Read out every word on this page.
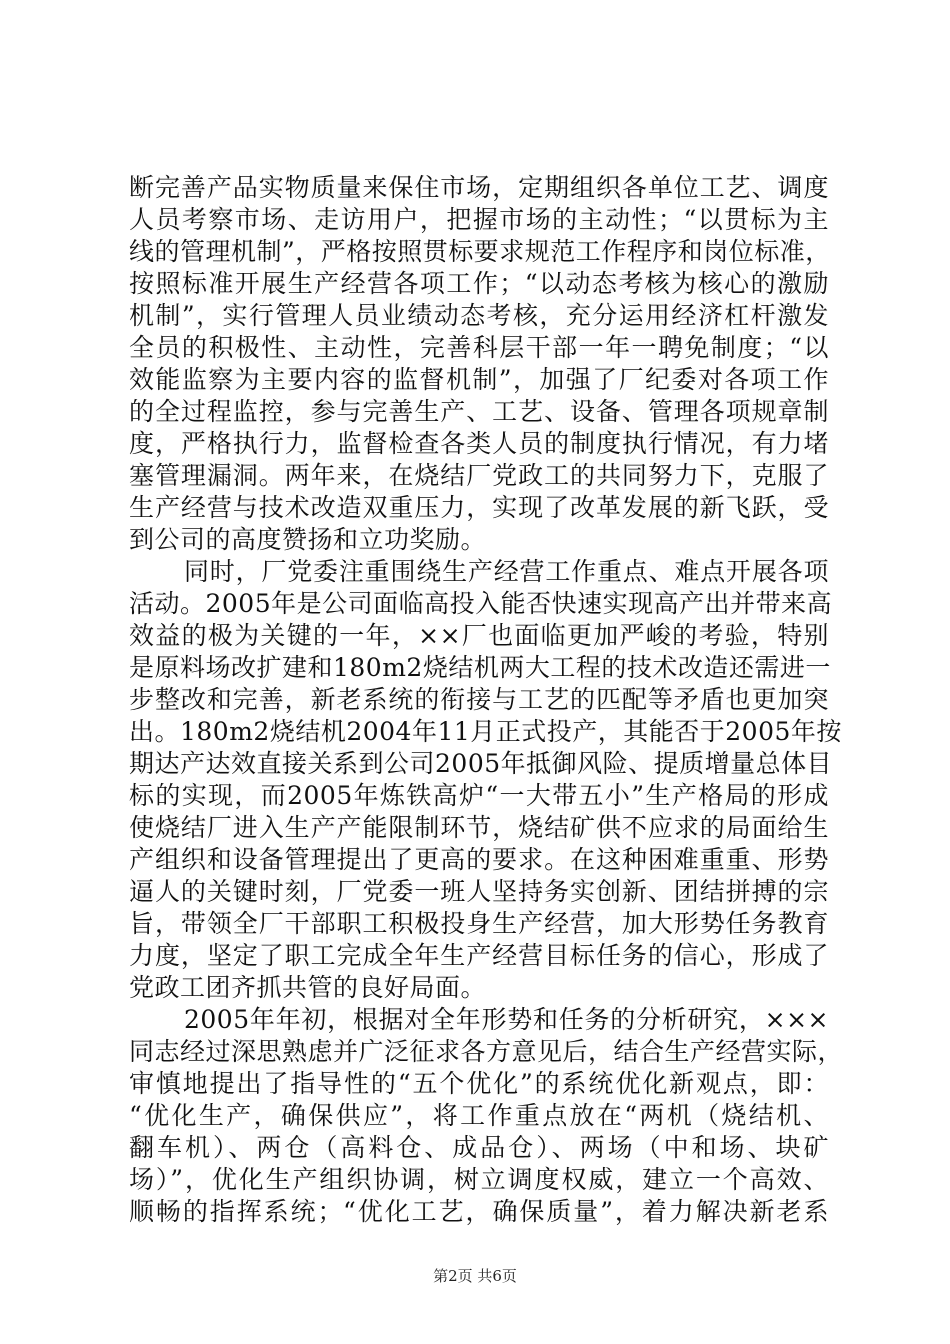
断完善产品实物质量来保住市场，定期组织各单位工艺、调度
人员考察市场、走访用户，把握市场的主动性；“以贯标为主
线的管理机制”，严格按照贯标要求规范工作程序和岗位标准，
按照标准开展生产经营各项工作；“以动态考核为核心的激励
机制”，实行管理人员业绩动态考核，充分运用经济杠杆激发
全员的积极性、主动性，完善科层干部一年一聘免制度；“以
效能监察为主要内容的监督机制”，加强了厂纪委对各项工作
的全过程监控，参与完善生产、工艺、设备、管理各项规章制
度，严格执行力，监督检查各类人员的制度执行情况，有力堵
塞管理漏洞。两年来，在烧结厂党政工的共同努力下，克服了
生产经营与技术改造双重压力，实现了改革发展的新飞跃，受
到公司的高度赞扬和立功奖励。
同时，厂党委注重围绕生产经营工作重点、难点开展各项
活动。2005年是公司面临高投入能否快速实现高产出并带来高
效益的极为关键的一年，××厂也面临更加严峻的考验，特别
是原料场改扩建和180m2烧结机两大工程的技术改造还需进一
步整改和完善，新老系统的衔接与工艺的匹配等矛盾也更加突
出。180m2烧结机2004年11月正式投产，其能否于2005年按
期达产达效直接关系到公司2005年抵御风险、提质增量总体目
标的实现，而2005年炼铁高炉“一大带五小”生产格局的形成
使烧结厂进入生产产能限制环节，烧结矿供不应求的局面给生
产组织和设备管理提出了更高的要求。在这种困难重重、形势
逼人的关键时刻，厂党委一班人坚持务实创新、团结拼搏的宗
旨，带领全厂干部职工积极投身生产经营，加大形势任务教育
力度，坚定了职工完成全年生产经营目标任务的信心，形成了
党政工团齐抓共管的良好局面。
2005年年初，根据对全年形势和任务的分析研究，×××
同志经过深思熟虑并广泛征求各方意见后，结合生产经营实际，
审慎地提出了指导性的“五个优化”的系统优化新观点，即：
“优化生产，确保供应”，将工作重点放在“两机（烧结机、
翻车机）、两仓（高料仓、成品仓）、两场（中和场、块矿
场）”，优化生产组织协调，树立调度权威，建立一个高效、
顺畅的指挥系统；“优化工艺，确保质量”，着力解决新老系
第2页 共6页
